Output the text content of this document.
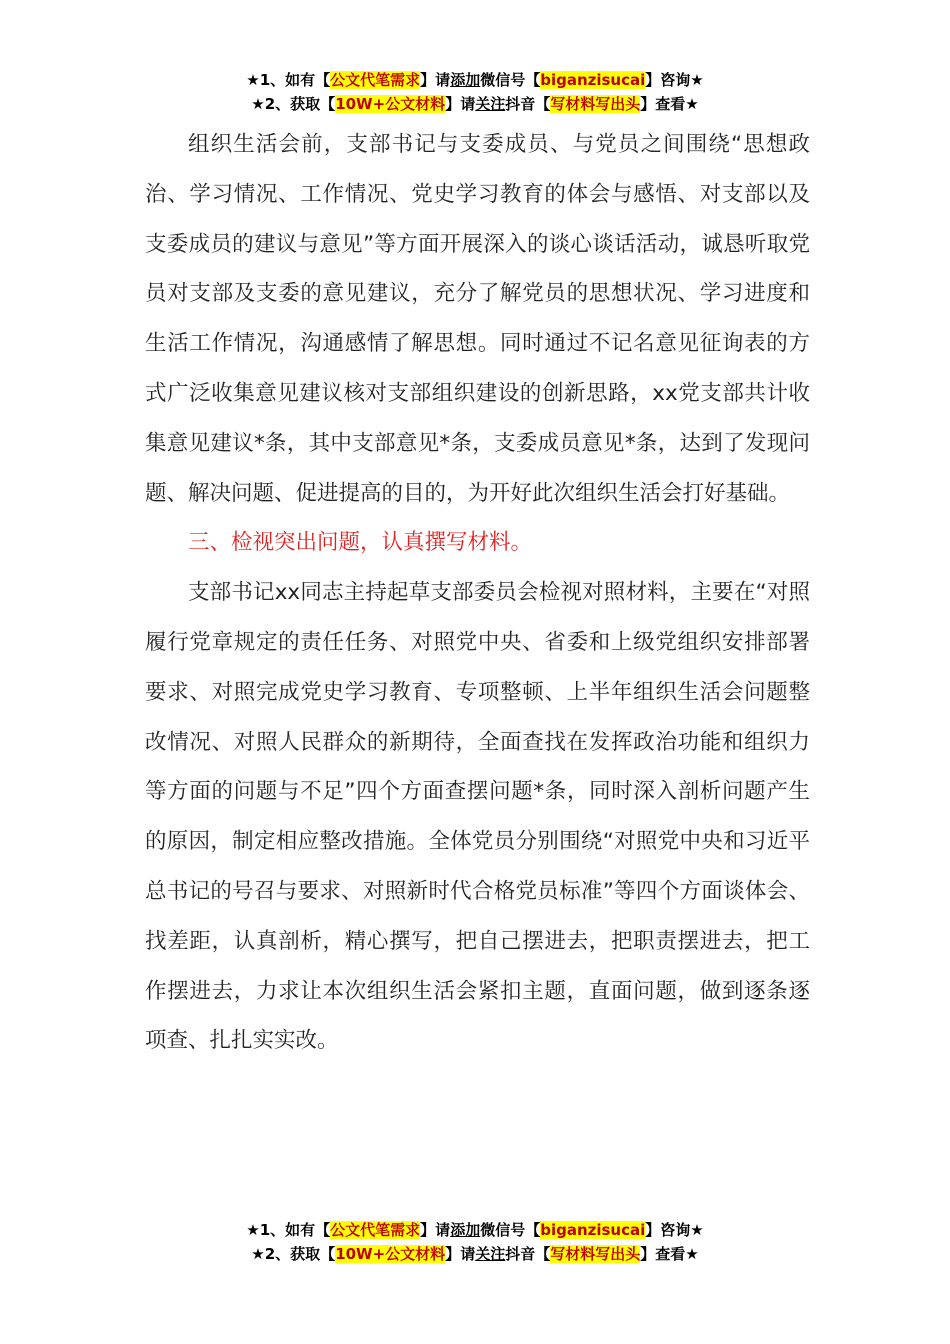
★1、如有【公文代笔需求】请添加微信号【biganzisucai】咨询★
★2、获取【10W+公文材料】请关注抖音【写材料写出头】查看★

组织生活会前，支部书记与支委成员、与党员之间围绕“思想政治、学习情况、工作情况、党史学习教育的体会与感悟、对支部以及支委成员的建议与意见”等方面开展深入的谈心谈话活动，诚恳听取党员对支部及支委的意见建议，充分了解党员的思想状况、学习进度和生活工作情况，沟通感情了解思想。同时通过不记名意见征询表的方式广泛收集意见建议核对支部组织建设的创新思路，xx党支部共计收集意见建议*条，其中支部意见*条，支委成员意见*条，达到了发现问题、解决问题、促进提高的目的，为开好此次组织生活会打好基础。

三、检视突出问题，认真撰写材料。

支部书记xx同志主持起草支部委员会检视对照材料，主要在“对照履行党章规定的责任任务、对照党中央、省委和上级党组织安排部署要求、对照完成党史学习教育、专项整顿、上半年组织生活会问题整改情况、对照人民群众的新期待，全面查找在发挥政治功能和组织力等方面的问题与不足”四个方面查摆问题*条，同时深入剖析问题产生的原因，制定相应整改措施。全体党员分别围绕“对照党中央和习近平总书记的号召与要求、对照新时代合格党员标准”等四个方面谈体会、找差距，认真剖析，精心撰写，把自己摆进去，把职责摆进去，把工作摆进去，力求让本次组织生活会紧扣主题，直面问题，做到逐条逐项查、扎扎实实改。

★1、如有【公文代笔需求】请添加微信号【biganzisucai】咨询★
★2、获取【10W+公文材料】请关注抖音【写材料写出头】查看★
